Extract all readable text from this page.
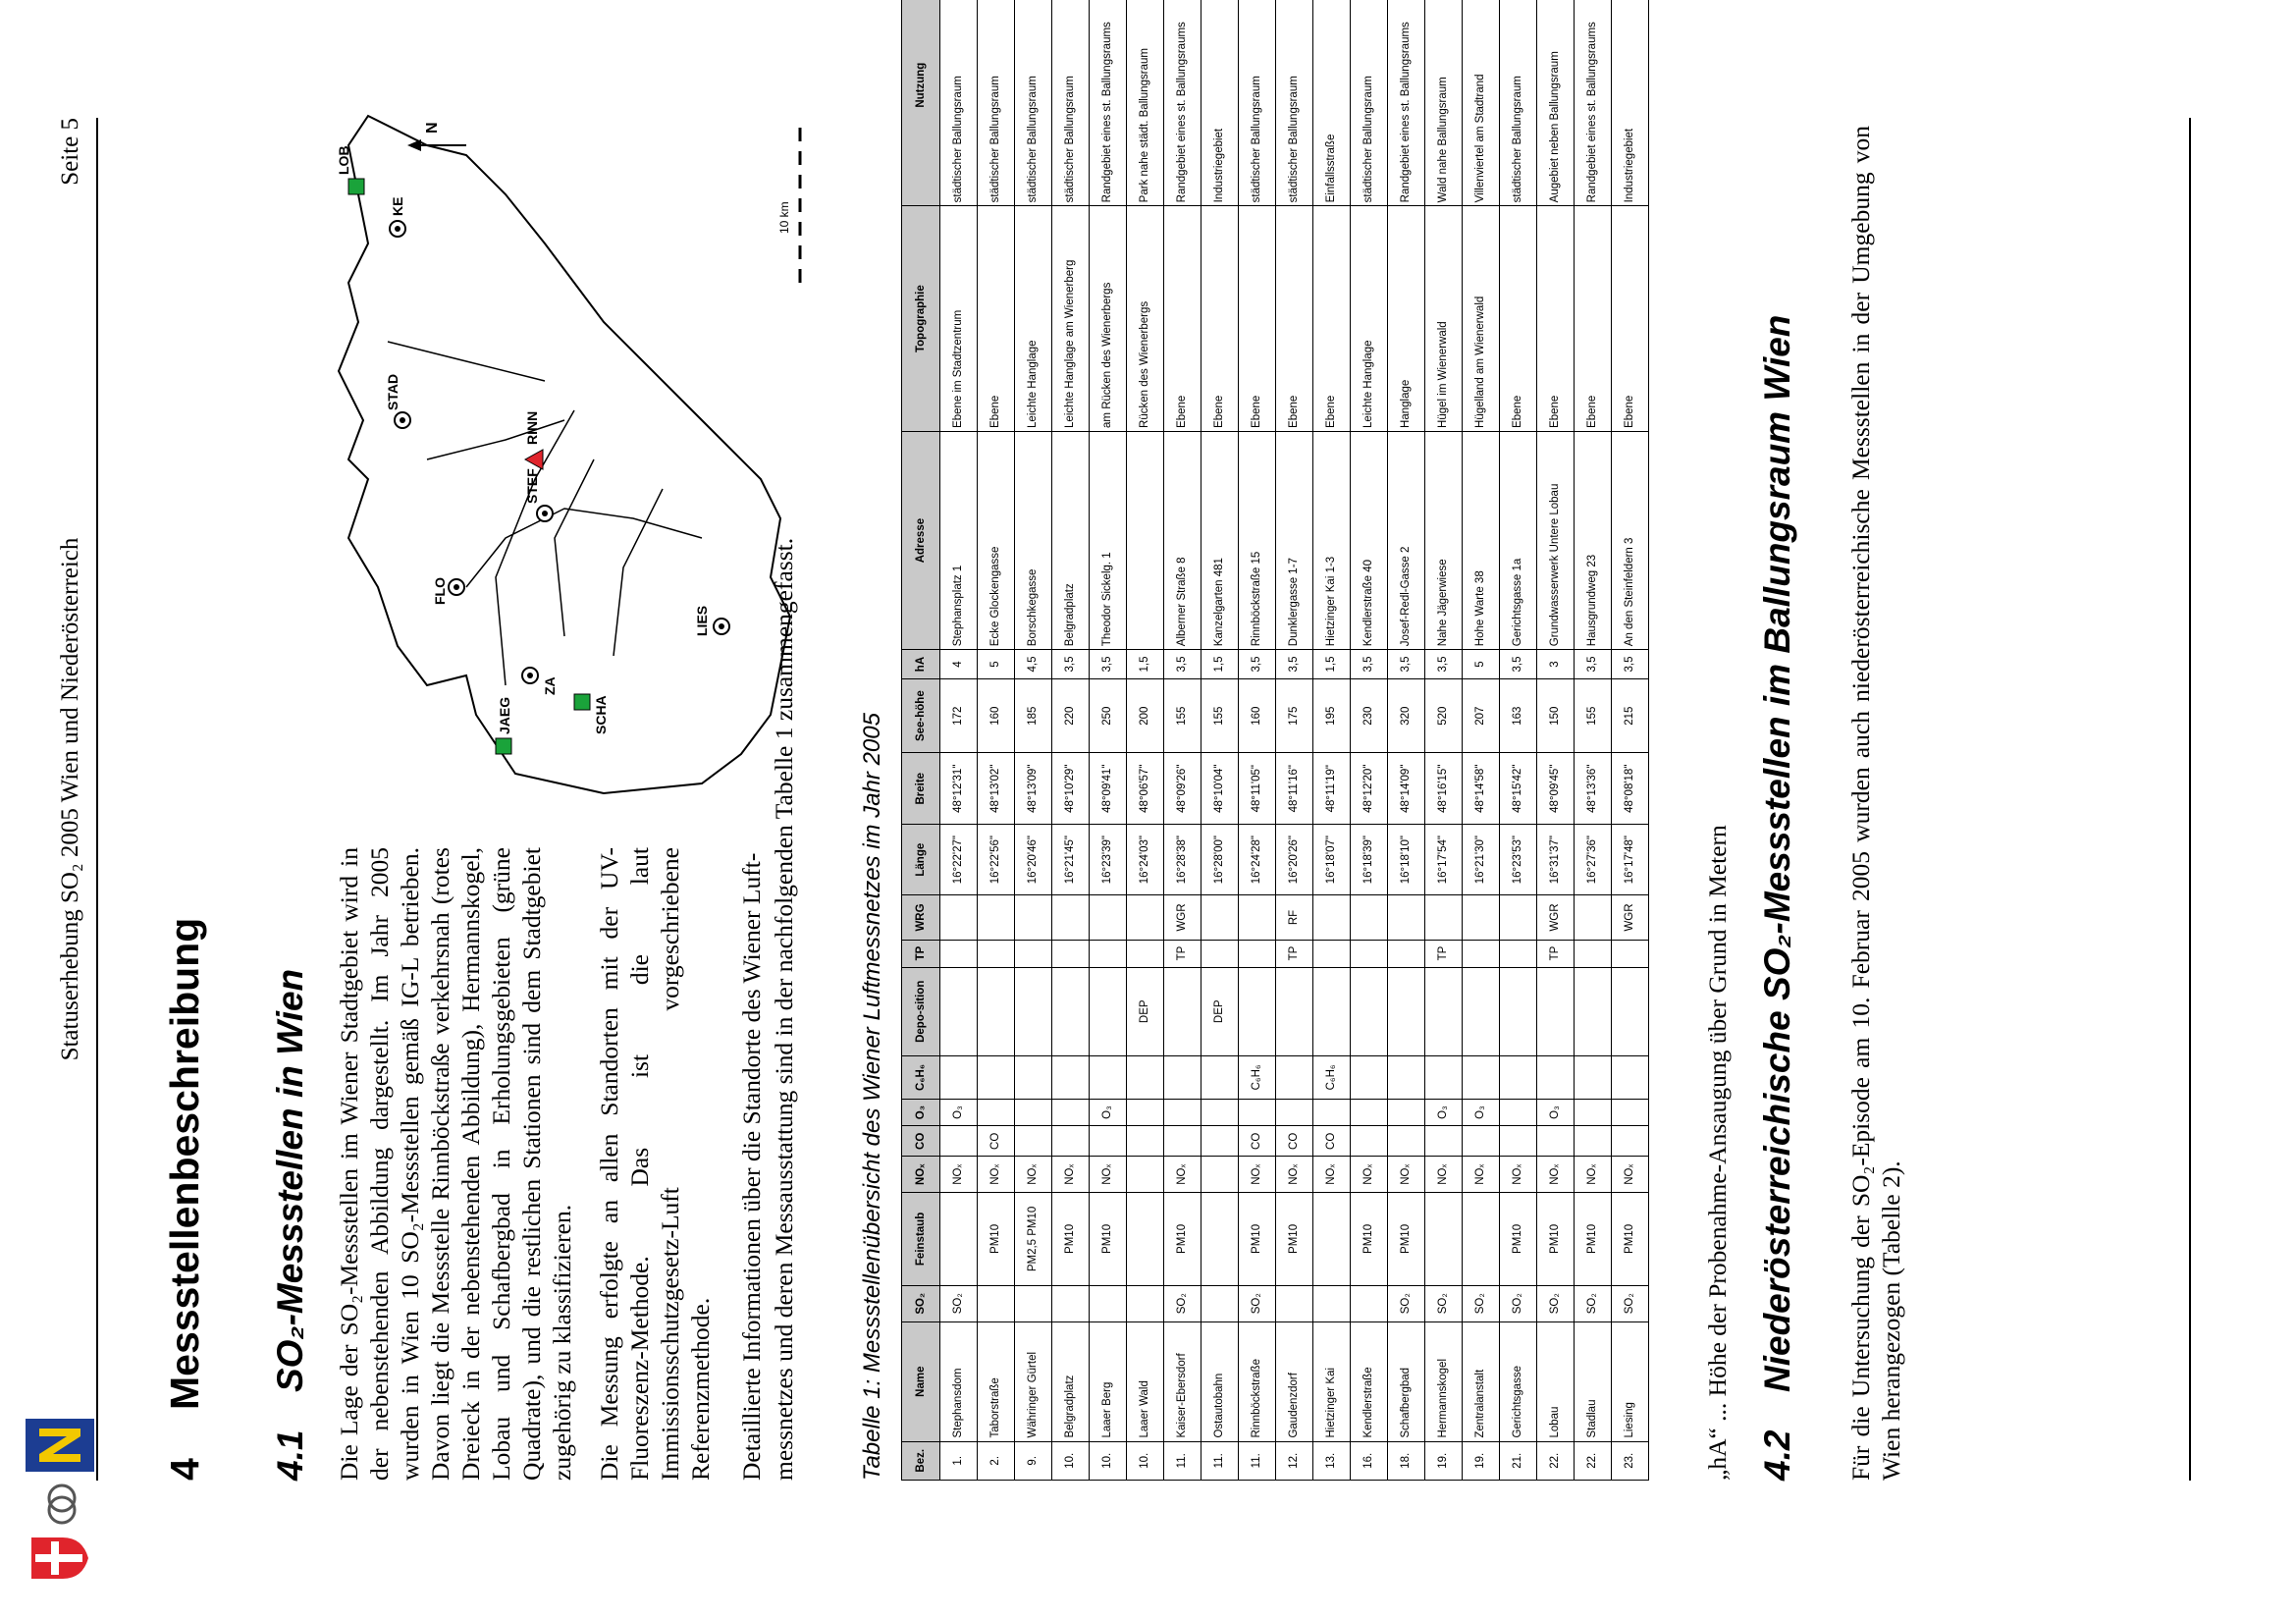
Statuserhebung SO₂ 2005 Wien und Niederösterreich
Seite 5
4Messstellenbeschreibung
4.1SO₂-Messstellen in Wien Die Lage der SO₂-Messstellen im Wiener Stadtgebiet wird in der nebenstehenden Abbildung dargestellt. Im Jahr 2005 wurden in Wien 10 SO₂-Messstellen gemäß IG-L betrieben. Davon liegt die Messstelle Rinnböckstraße verkehrsnah (rotes Dreieck in der nebenstehenden Abbildung), Hermannskogel, Lobau und Schafbergbad in Erholungsgebieten (grüne Quadrate), und die restlichen Stationen sind dem Stadtgebiet zugehörig zu klassifizieren. Die Messung erfolgte an allen Standorten mit der UV-Fluoreszenz-Methode. Das ist die laut Immissionsschutzgesetz-Luft vorgeschriebene Referenzmethode. Detaillierte Informationen über die Standorte des Wiener Luft- messnetzes und deren Messausstattung sind in der nachfolgenden Tabelle 1 zusammengefasst.
JAEG
ZA
FLO
STAD
LOB
KE
RINN
STEF
SCHA
LIES
N
10 km
Tabelle 1: Messstellenübersicht des Wiener Luftmessnetzes im Jahr 2005	Bez.	Name	SO₂	Feinstaub	NOₓ	CO	O₃	C₆H₆	Depo-sition	TP	WRG	Länge	Breite	See-höhe	hA	Adresse	Topographie	Nutzung
1.	Stephansdom	SO₂		NOₓ		O₃					16°22'27"	48°12'31"	172	4	Stephansplatz 1	Ebene im Stadtzentrum	städtischer Ballungsraum
2.	Taborstraße		PM10	NOₓ	CO						16°22'56"	48°13'02"	160	5	Ecke Glockengasse	Ebene	städtischer Ballungsraum
9.	Währinger Gürtel		PM2,5 PM10	NOₓ							16°20'46"	48°13'09"	185	4,5	Borschkegasse	Leichte Hanglage	städtischer Ballungsraum
10.	Belgradplatz		PM10	NOₓ							16°21'45"	48°10'29"	220	3,5	Belgradplatz	Leichte Hanglage am Wienerberg	städtischer Ballungsraum
10.	Laaer Berg		PM10	NOₓ		O₃					16°23'39"	48°09'41"	250	3,5	Theodor Sickelg. 1	am Rücken des Wienerbergs	Randgebiet eines st. Ballungsraums
10.	Laaer Wald							DEP			16°24'03"	48°06'57"	200	1,5		Rücken des Wienerbergs	Park nahe städt. Ballungsraum
11.	Kaiser-Ebersdorf	SO₂	PM10	NOₓ					TP	WGR	16°28'38"	48°09'26"	155	3,5	Alberner Straße 8	Ebene	Randgebiet eines st. Ballungsraums
11.	Ostautobahn							DEP			16°28'00"	48°10'04"	155	1,5	Kanzelgarten 481	Ebene	Industriegebiet
11.	Rinnböckstraße	SO₂	PM10	NOₓ	CO		C₆H₆				16°24'28"	48°11'05"	160	3,5	Rinnböckstraße 15	Ebene	städtischer Ballungsraum
12.	Gaudenzdorf		PM10	NOₓ	CO				TP	RF	16°20'26"	48°11'16"	175	3,5	Dunklergasse 1-7	Ebene	städtischer Ballungsraum
13.	Hietzinger Kai			NOₓ	CO		C₆H₆				16°18'07"	48°11'19"	195	1,5	Hietzinger Kai 1-3	Ebene	Einfallsstraße
16.	Kendlerstraße		PM10	NOₓ							16°18'39"	48°12'20"	230	3,5	Kendlerstraße 40	Leichte Hanglage	städtischer Ballungsraum
18.	Schafbergbad	SO₂	PM10	NOₓ							16°18'10"	48°14'09"	320	3,5	Josef-Redl-Gasse 2	Hanglage	Randgebiet eines st. Ballungsraums
19.	Hermannskogel	SO₂		NOₓ		O₃			TP		16°17'54"	48°16'15"	520	3,5	Nahe Jägerwiese	Hügel im Wienerwald	Wald nahe Ballungsraum
19.	Zentralanstalt	SO₂		NOₓ		O₃					16°21'30"	48°14'58"	207	5	Hohe Warte 38	Hügelland am Wienerwald	Villenviertel am Stadtrand
21.	Gerichtsgasse	SO₂	PM10	NOₓ							16°23'53"	48°15'42"	163	3,5	Gerichtsgasse 1a	Ebene	städtischer Ballungsraum
22.	Lobau	SO₂	PM10	NOₓ		O₃			TP	WGR	16°31'37"	48°09'45"	150	3	Grundwasserwerk Untere Lobau	Ebene	Augebiet neben Ballungsraum
22.	Stadlau	SO₂	PM10	NOₓ							16°27'36"	48°13'36"	155	3,5	Hausgrundweg 23	Ebene	Randgebiet eines st. Ballungsraums
23.	Liesing	SO₂	PM10	NOₓ						WGR	16°17'48"	48°08'18"	215	3,5	An den Steinfeldern 3	Ebene	Industriegebiet
„hA“ ... Höhe der Probenahme-Ansaugung über Grund in Metern 4.2Niederösterreichische SO₂-Messstellen im Ballungsraum Wien Für die Untersuchung der SO₂-Episode am 10. Februar 2005 wurden auch niederösterreichische Messstellen in der Umgebung von Wien herangezogen (Tabelle 2).
